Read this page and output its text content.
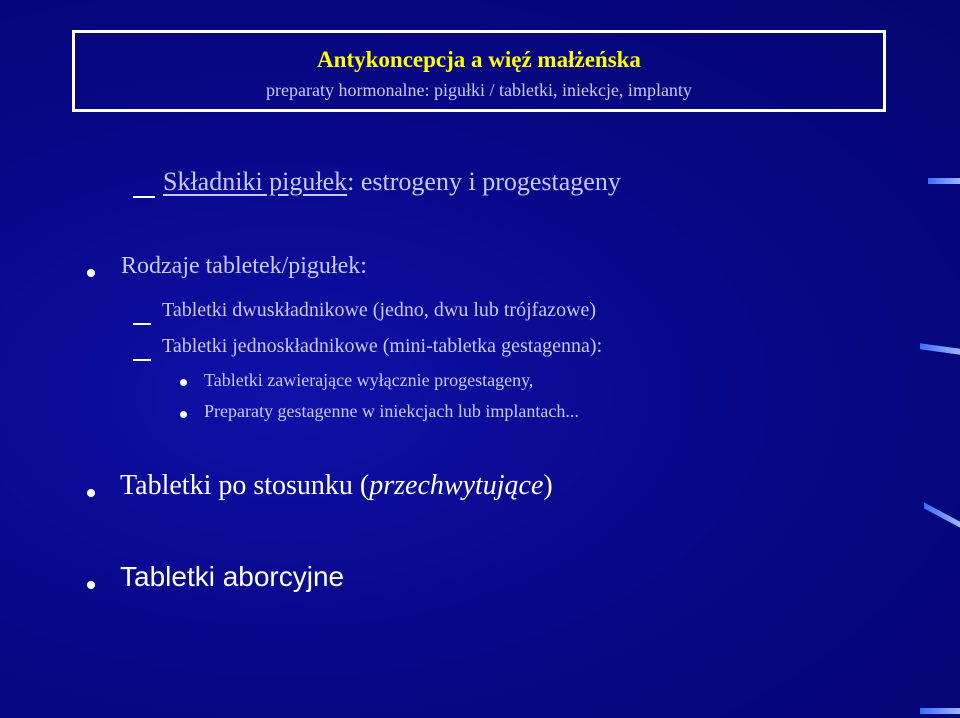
Antykoncepcja a więź małżeńska
preparaty hormonalne: pigułki / tabletki, iniekcje, implanty
Składniki pigułek: estrogeny i progestageny
Rodzaje tabletek/pigułek:
Tabletki dwuskładnikowe (jedno, dwu lub trójfazowe)
Tabletki jednoskładnikowe (mini-tabletka gestagenna):
Tabletki zawierające wyłącznie progestageny,
Preparaty gestagenne w iniekcjach lub implantach...
Tabletki po stosunku (przechwytujące)
Tabletki aborcyjne
